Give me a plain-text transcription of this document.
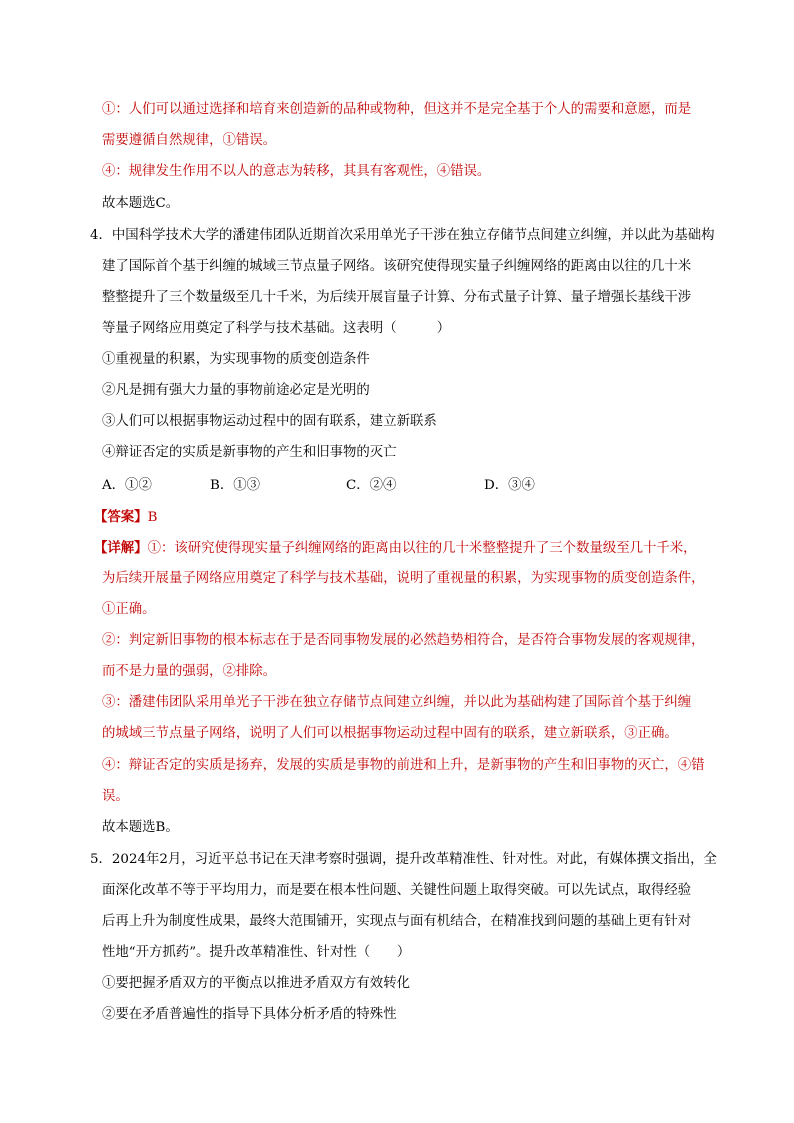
①：人们可以通过选择和培育来创造新的品种或物种，但这并不是完全基于个人的需要和意愿，而是
需要遵循自然规律，①错误。
④：规律发生作用不以人的意志为转移，其具有客观性，④错误。
故本题选C。
4．中国科学技术大学的潘建伟团队近期首次采用单光子干涉在独立存储节点间建立纠缠，并以此为基础构
建了国际首个基于纠缠的城域三节点量子网络。该研究使得现实量子纠缠网络的距离由以往的几十米
整整提升了三个数量级至几十千米，为后续开展盲量子计算、分布式量子计算、量子增强长基线干涉
等量子网络应用奠定了科学与技术基础。这表明（　　　）
①重视量的积累，为实现事物的质变创造条件
②凡是拥有强大力量的事物前途必定是光明的
③人们可以根据事物运动过程中的固有联系，建立新联系
④辩证否定的实质是新事物的产生和旧事物的灭亡
A．①②	B．①③	C．②④	D．③④
【答案】B
【详解】①：该研究使得现实量子纠缠网络的距离由以往的几十米整整提升了三个数量级至几十千米，
为后续开展量子网络应用奠定了科学与技术基础，说明了重视量的积累，为实现事物的质变创造条件，
①正确。
②：判定新旧事物的根本标志在于是否同事物发展的必然趋势相符合，是否符合事物发展的客观规律，
而不是力量的强弱，②排除。
③：潘建伟团队采用单光子干涉在独立存储节点间建立纠缠，并以此为基础构建了国际首个基于纠缠
的城域三节点量子网络，说明了人们可以根据事物运动过程中固有的联系，建立新联系，③正确。
④：辩证否定的实质是扬弃，发展的实质是事物的前进和上升，是新事物的产生和旧事物的灭亡，④错
误。
故本题选B。
5．2024年2月，习近平总书记在天津考察时强调，提升改革精准性、针对性。对此，有媒体撰文指出，全
面深化改革不等于平均用力，而是要在根本性问题、关键性问题上取得突破。可以先试点，取得经验
后再上升为制度性成果，最终大范围铺开，实现点与面有机结合，在精准找到问题的基础上更有针对
性地“开方抓药”。提升改革精准性、针对性（　　）
①要把握矛盾双方的平衡点以推进矛盾双方有效转化
②要在矛盾普遍性的指导下具体分析矛盾的特殊性
